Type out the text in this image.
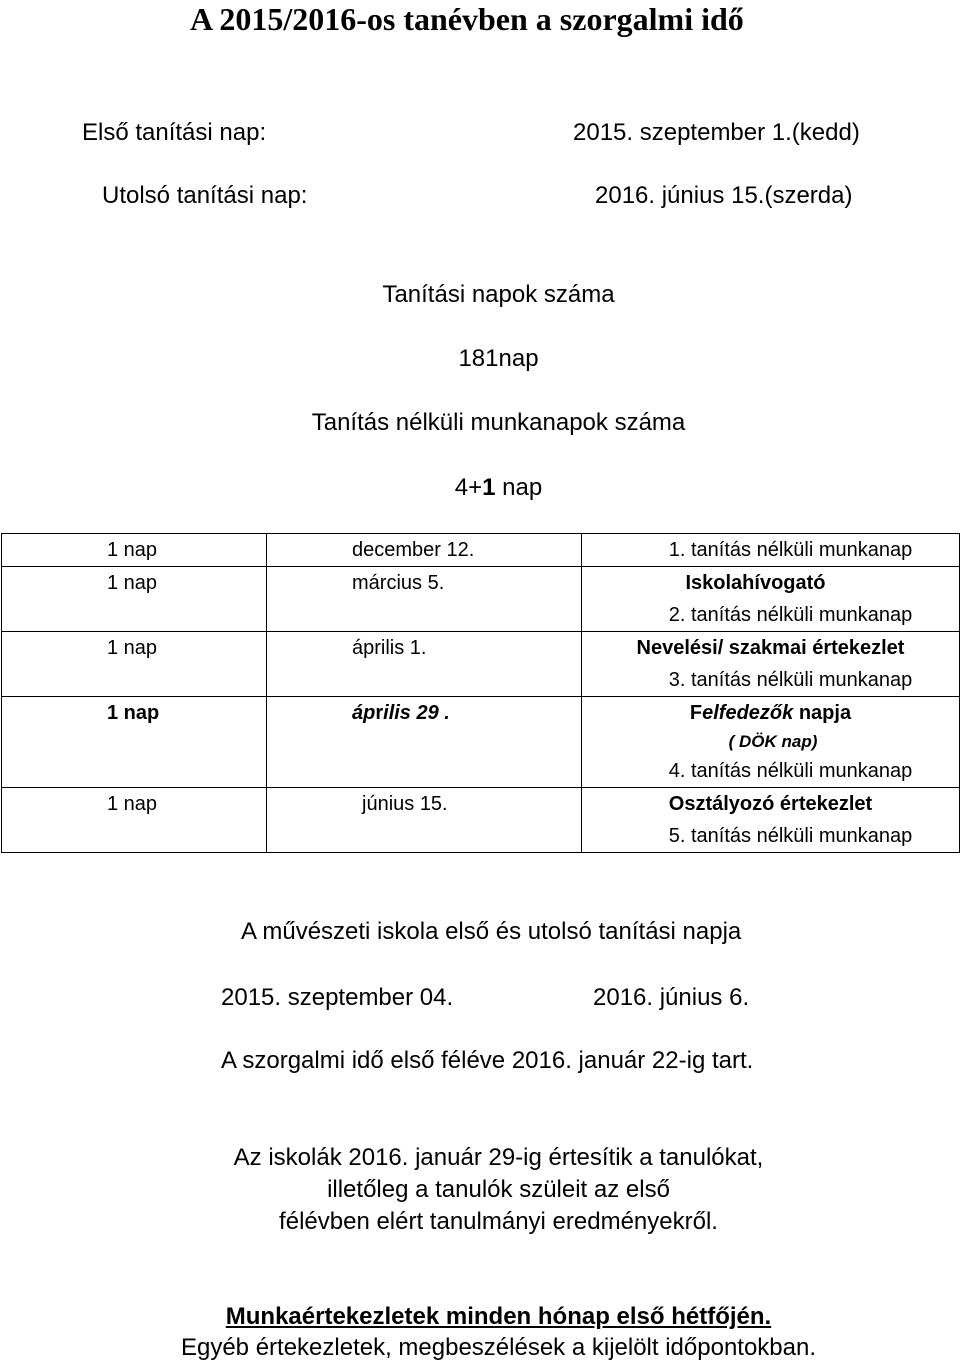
A 2015/2016-os tanévben a szorgalmi idő
Első tanítási nap:	2015. szeptember 1.(kedd)
Utolsó tanítási nap:	2016. június 15.(szerda)
Tanítási napok száma
181nap
Tanítás nélküli munkanapok száma
4+1 nap
1 nap	december 12.	1. tanítás nélküli munkanap

1 nap	március 5.	Iskolahívogató
2. tanítás nélküli munkanap

1 nap	április 1.	Nevelési/ szakmai értekezlet
3. tanítás nélküli munkanap

1 nap	április 29 .	Felfedezők napja
( DÖK nap)
4. tanítás nélküli munkanap

1 nap	június 15.	Osztályozó értekezlet
5. tanítás nélküli munkanap
A művészeti iskola első és utolsó tanítási napja
2015. szeptember 04.	2016. június 6.
A szorgalmi idő első féléve 2016. január 22-ig tart.
Az iskolák 2016. január 29-ig értesítik a tanulókat,
illetőleg a tanulók szüleit az első
félévben elért tanulmányi eredményekről.
Munkaértekezletek minden hónap első hétfőjén.
Egyéb értekezletek, megbeszélések a kijelölt időpontokban.
